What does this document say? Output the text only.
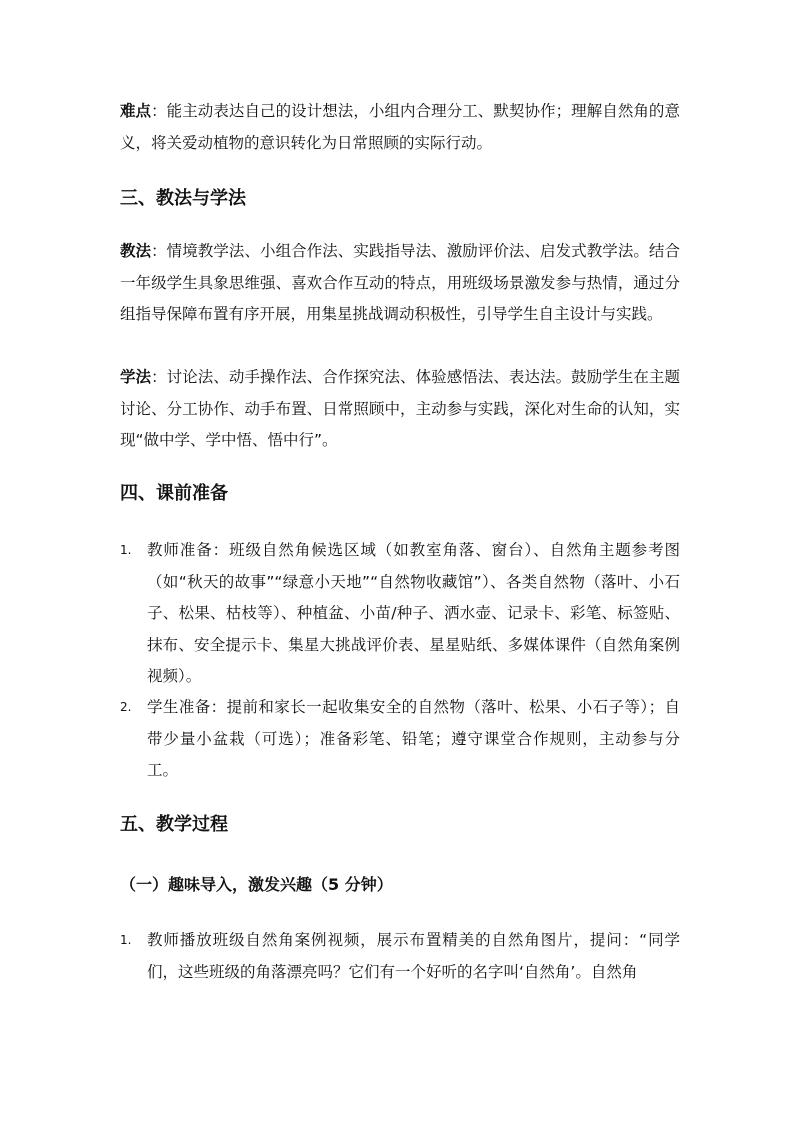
难点：能主动表达自己的设计想法，小组内合理分工、默契协作；理解自然角的意义，将关爱动植物的意识转化为日常照顾的实际行动。

三、教法与学法

教法：情境教学法、小组合作法、实践指导法、激励评价法、启发式教学法。结合一年级学生具象思维强、喜欢合作互动的特点，用班级场景激发参与热情，通过分组指导保障布置有序开展，用集星挑战调动积极性，引导学生自主设计与实践。

学法：讨论法、动手操作法、合作探究法、体验感悟法、表达法。鼓励学生在主题讨论、分工协作、动手布置、日常照顾中，主动参与实践，深化对生命的认知，实现“做中学、学中悟、悟中行”。

四、课前准备
1. 教师准备：班级自然角候选区域（如教室角落、窗台）、自然角主题参考图（如“秋天的故事”“绿意小天地”“自然物收藏馆”）、各类自然物（落叶、小石子、松果、枯枝等）、种植盆、小苗/种子、洒水壶、记录卡、彩笔、标签贴、抹布、安全提示卡、集星大挑战评价表、星星贴纸、多媒体课件（自然角案例视频）。

2. 学生准备：提前和家长一起收集安全的自然物（落叶、松果、小石子等）；自带少量小盆栽（可选）；准备彩笔、铅笔；遵守课堂合作规则，主动参与分工。

五、教学过程
（一）趣味导入，激发兴趣（5 分钟）
1. 教师播放班级自然角案例视频，展示布置精美的自然角图片，提问：“同学们，这些班级的角落漂亮吗？它们有一个好听的名字叫‘自然角’。自然角
